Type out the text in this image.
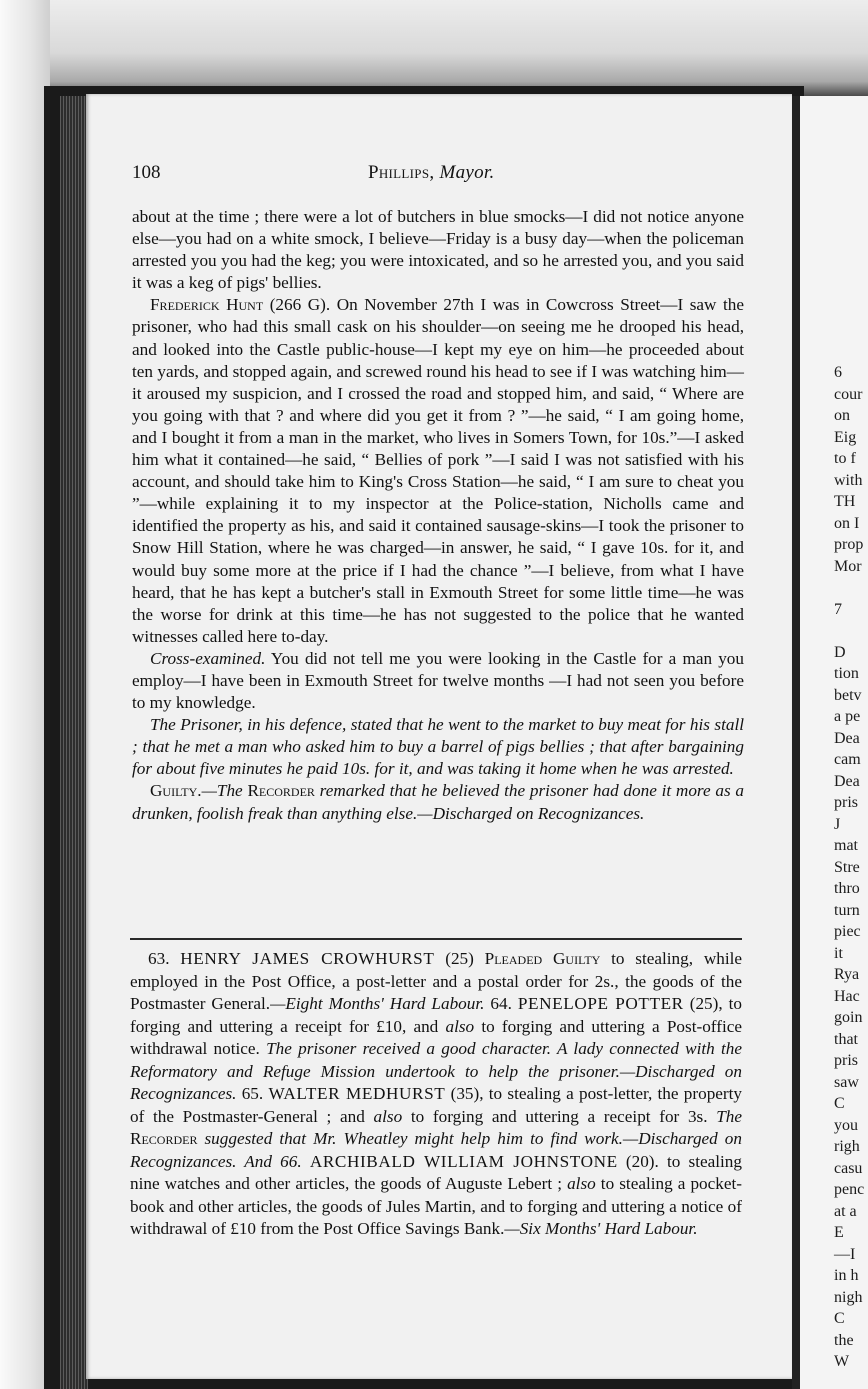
6
cour
on
Eig
to f
with
TH
on I
prop
Mor

7

D
tion
betv
a pe
Dea
cam
Dea
pris
J
mat
Stre
thro
turn
piec
it
Rya
Hac
goin
that
pris
saw
C
you
righ
casu
penc
at a
E
—I
in h
nigh
C
the
W
108	Phillips, Mayor.

about at the time ; there were a lot of butchers in blue smocks—I did not notice anyone else—you had on a white smock, I believe—Friday is a busy day—when the policeman arrested you you had the keg; you were intoxicated, and so he arrested you, and you said it was a keg of pigs' bellies.

Frederick Hunt (266 G). On November 27th I was in Cowcross Street—I saw the prisoner, who had this small cask on his shoulder—on seeing me he drooped his head, and looked into the Castle public-house—I kept my eye on him—he proceeded about ten yards, and stopped again, and screwed round his head to see if I was watching him—it aroused my suspicion, and I crossed the road and stopped him, and said, “ Where are you going with that ? and where did you get it from ? ”—he said, “ I am going home, and I bought it from a man in the market, who lives in Somers Town, for 10s.”—I asked him what it contained—he said, “ Bellies of pork ”—I said I was not satisfied with his account, and should take him to King's Cross Station—he said, “ I am sure to cheat you ”—while explaining it to my inspector at the Police-station, Nicholls came and identified the property as his, and said it contained sausage-skins—I took the prisoner to Snow Hill Station, where he was charged—in answer, he said, “ I gave 10s. for it, and would buy some more at the price if I had the chance ”—I believe, from what I have heard, that he has kept a butcher's stall in Exmouth Street for some little time—he was the worse for drink at this time—he has not suggested to the police that he wanted witnesses called here to-day.

Cross-examined. You did not tell me you were looking in the Castle for a man you employ—I have been in Exmouth Street for twelve months —I had not seen you before to my knowledge.

The Prisoner, in his defence, stated that he went to the market to buy meat for his stall ; that he met a man who asked him to buy a barrel of pigs bellies ; that after bargaining for about five minutes he paid 10s. for it, and was taking it home when he was arrested.

Guilty.—The Recorder remarked that he believed the prisoner had done it more as a drunken, foolish freak than anything else.—Discharged on Recognizances.

63. HENRY JAMES CROWHURST (25) Pleaded Guilty to stealing, while employed in the Post Office, a post-letter and a postal order for 2s., the goods of the Postmaster General.—Eight Months' Hard Labour. 64. PENELOPE POTTER (25), to forging and uttering a receipt for £10, and also to forging and uttering a Post-office withdrawal notice. The prisoner received a good character. A lady connected with the Reformatory and Refuge Mission undertook to help the prisoner.—Discharged on Recognizances. 65. WALTER MEDHURST (35), to stealing a post-letter, the property of the Postmaster-General ; and also to forging and uttering a receipt for 3s. The Recorder suggested that Mr. Wheatley might help him to find work.—Discharged on Recognizances. And 66. ARCHIBALD WILLIAM JOHNSTONE (20). to stealing nine watches and other articles, the goods of Auguste Lebert ; also to stealing a pocket-book and other articles, the goods of Jules Martin, and to forging and uttering a notice of withdrawal of £10 from the Post Office Savings Bank.—Six Months' Hard Labour.
